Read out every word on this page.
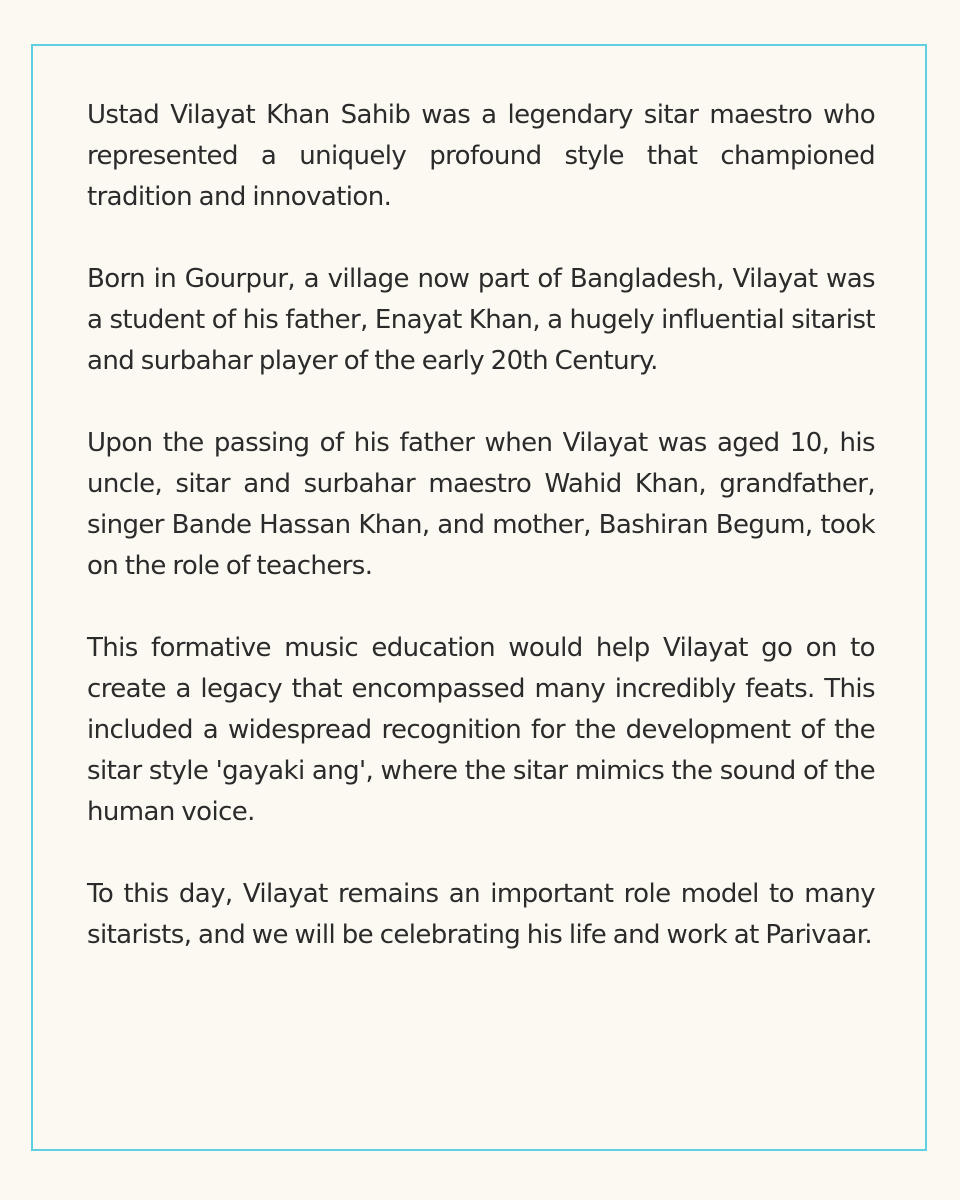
Ustad Vilayat Khan Sahib was a legendary sitar maestro who represented a uniquely profound style that championed tradition and innovation.

Born in Gourpur, a village now part of Bangladesh, Vilayat was a student of his father, Enayat Khan, a hugely influential sitarist and surbahar player of the early 20th Century.

Upon the passing of his father when Vilayat was aged 10, his uncle, sitar and surbahar maestro Wahid Khan, grandfather, singer Bande Hassan Khan, and mother, Bashiran Begum, took on the role of teachers.

This formative music education would help Vilayat go on to create a legacy that encompassed many incredibly feats. This included a widespread recognition for the development of the sitar style 'gayaki ang', where the sitar mimics the sound of the human voice.

To this day, Vilayat remains an important role model to many sitarists, and we will be celebrating his life and work at Parivaar.
